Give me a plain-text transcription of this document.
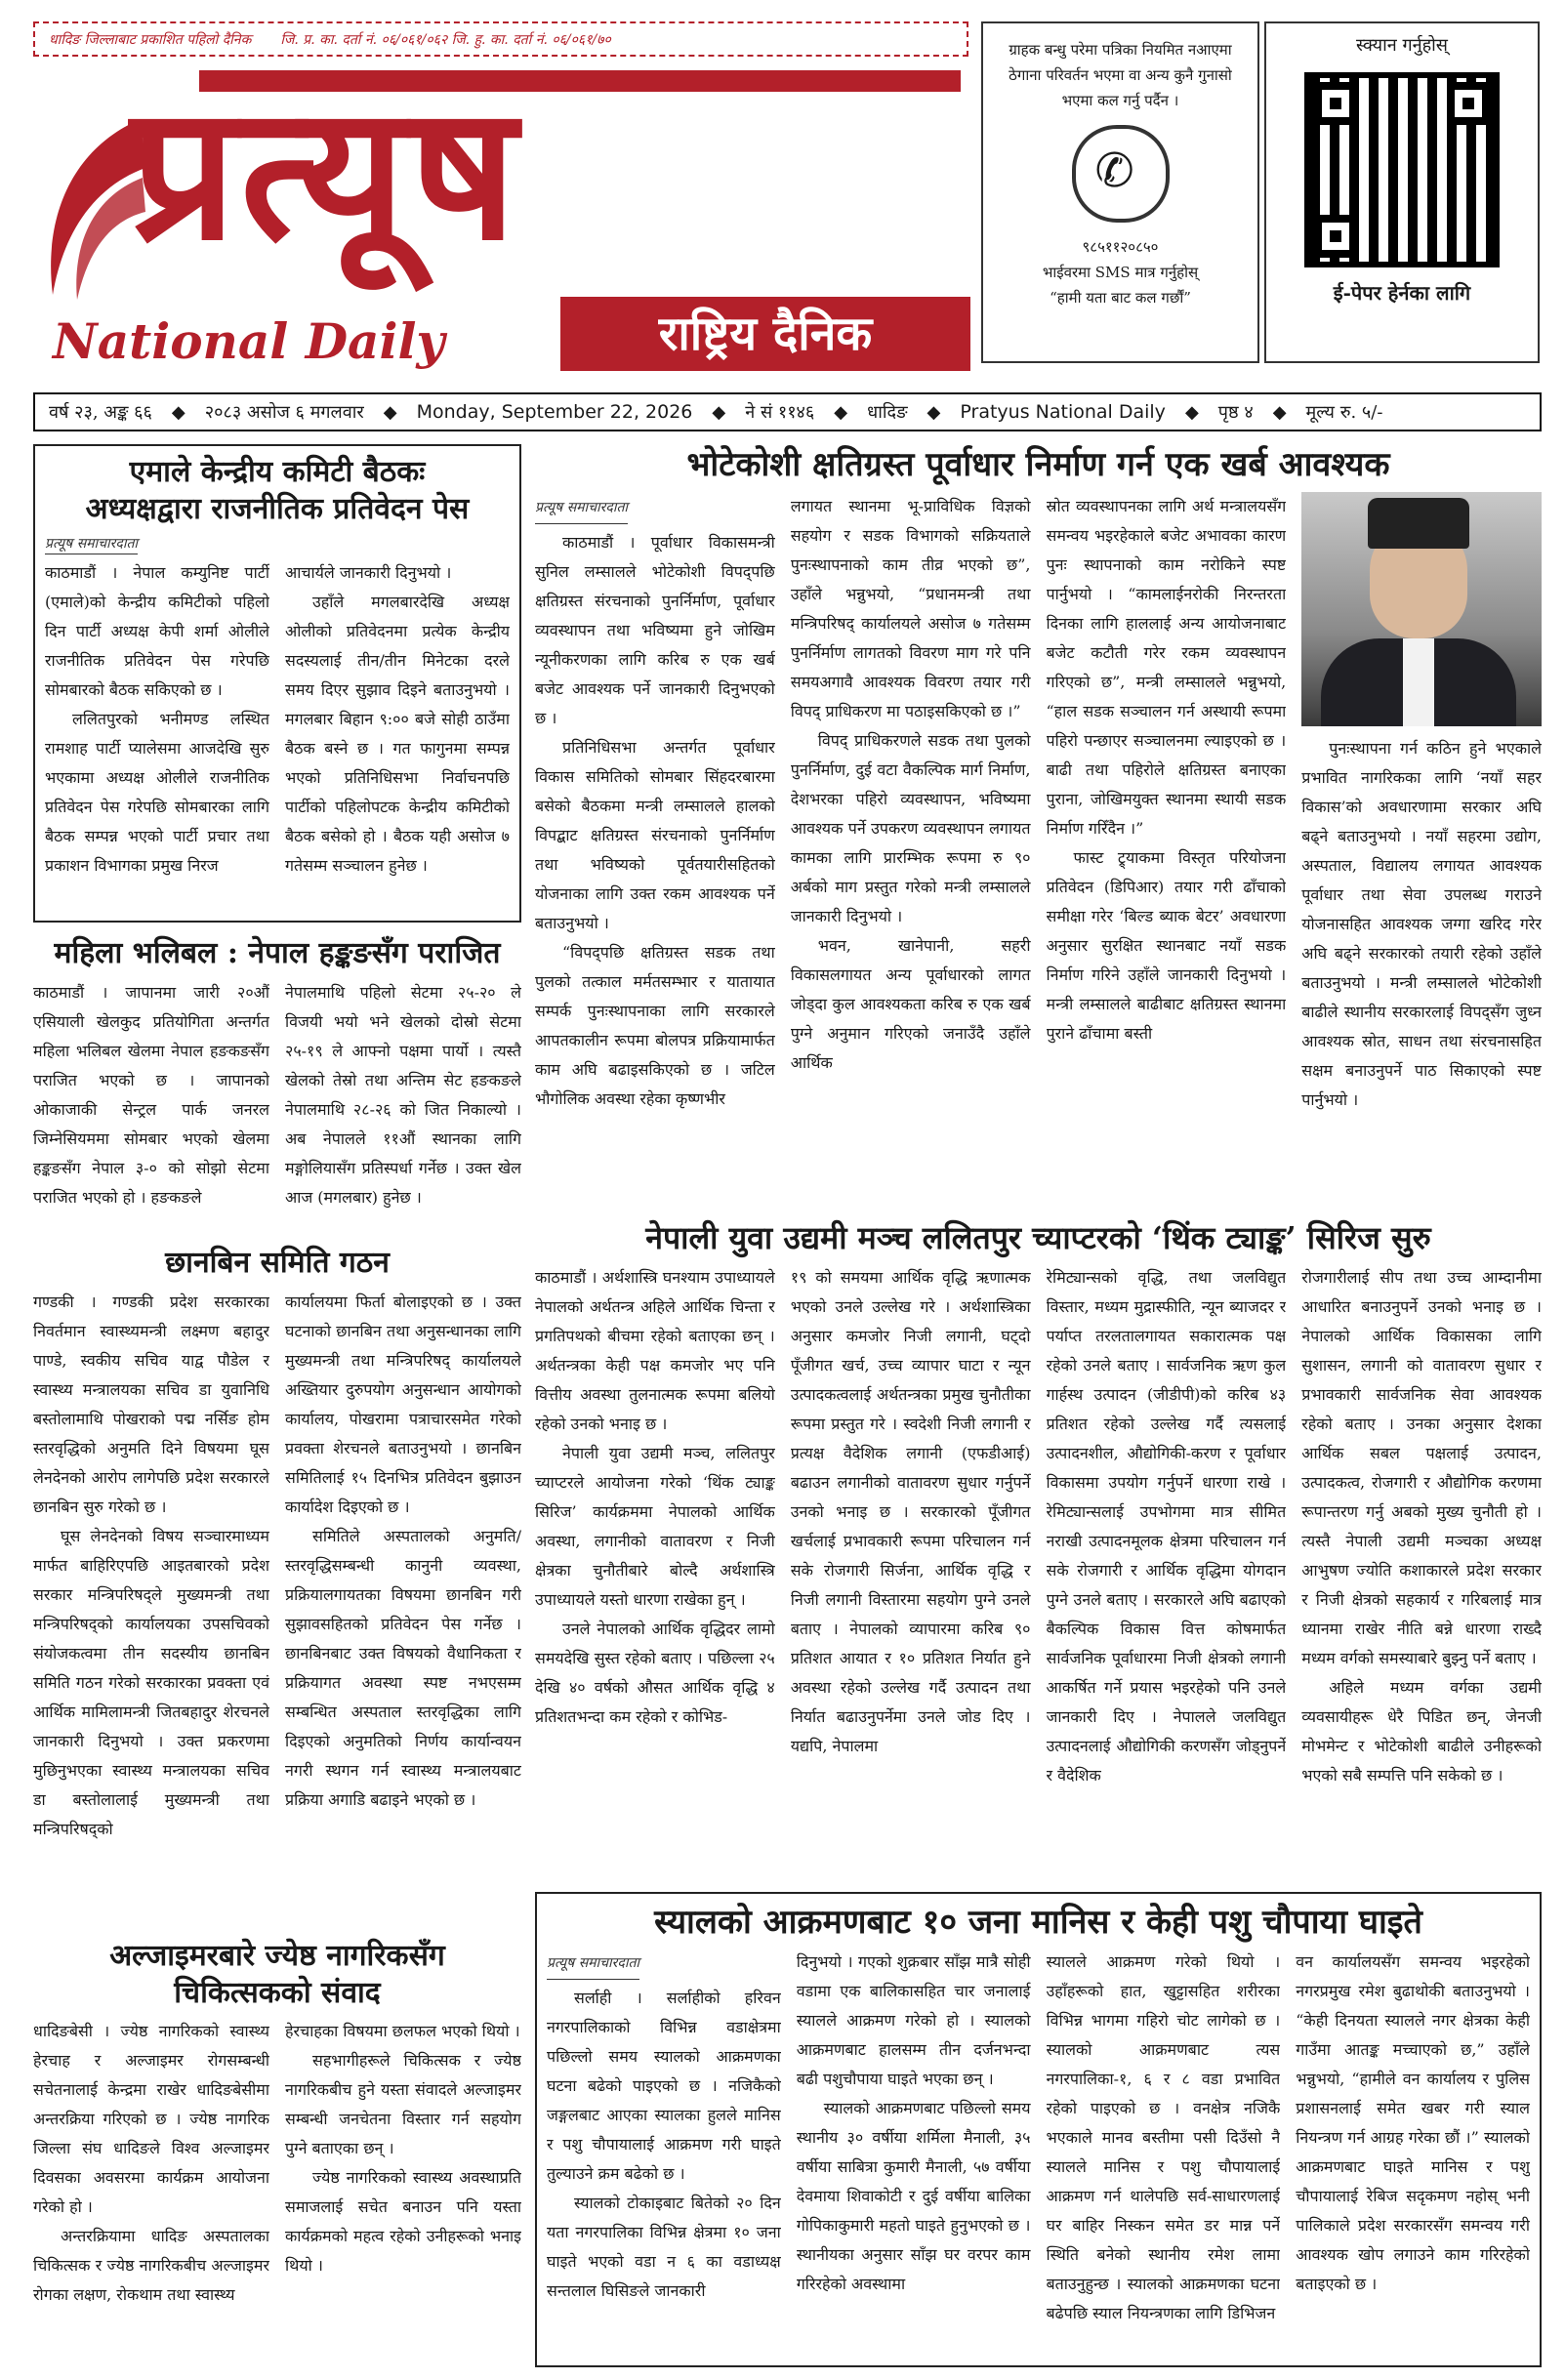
धादिङ जिल्लाबाट प्रकाशित पहिलो दैनिक जि. प्र. का. दर्ता नं. ०६/०६१/०६२ जि. हु. का. दर्ता नं. ०६/०६१/७०
प्रत्यूष
National Daily	राष्ट्रिय दैनिक
ग्राहक बन्धु परेमा पत्रिका नियमित नआएमा ठेगाना परिवर्तन भएमा वा अन्य कुनै गुनासो भएमा कल गर्नु पर्दैन ।
✆
९८५११२०८५०
भाईवरमा SMS मात्र गर्नुहोस्
“हामी यता बाट कल गर्छौं”
स्क्यान गर्नुहोस्
ई-पेपर हेर्नका लागि
वर्ष २३, अङ्क ६६ ◆ २०८३ असोज ६ मगलवार ◆ Monday, September 22, 2026 ◆ ने सं ११४६ ◆ धादिङ ◆ Pratyus National Daily ◆ पृष्ठ ४ ◆ मूल्य रु. ५/-
एमाले केन्द्रीय कमिटी बैठकः
अध्यक्षद्वारा राजनीतिक प्रतिवेदन पेस
प्रत्यूष समाचारदाता

काठमाडौं । नेपाल कम्युनिष्ट पार्टी (एमाले)को केन्द्रीय कमिटीको पहिलो दिन पार्टी अध्यक्ष केपी शर्मा ओलीले राजनीतिक प्रतिवेदन पेस गरेपछि सोमबारको बैठक सकिएको छ ।

ललितपुरको भनीमण्ड लस्थित रामशाह पार्टी प्यालेसमा आजदेखि सुरु भएकामा अध्यक्ष ओलीले राजनीतिक प्रतिवेदन पेस गरेपछि सोमबारका लागि बैठक सम्पन्न भएको पार्टी प्रचार तथा प्रकाशन विभागका प्रमुख निरज

आचार्यले जानकारी दिनुभयो ।

उहाँले मगलबारदेखि अध्यक्ष ओलीको प्रतिवेदनमा प्रत्येक केन्द्रीय सदस्यलाई तीन/तीन मिनेटका दरले समय दिएर सुझाव दिइने बताउनुभयो । मगलबार बिहान ९:०० बजे सोही ठाउँमा बैठक बस्ने छ । गत फागुनमा सम्पन्न भएको प्रतिनिधिसभा निर्वाचनपछि पार्टीको पहिलोपटक केन्द्रीय कमिटीको बैठक बसेको हो । बैठक यही असोज ७ गतेसम्म सञ्चालन हुनेछ ।

महिला भलिबल : नेपाल हङ्कङसँग पराजित

काठमाडौं । जापानमा जारी २०औं एसियाली खेलकुद प्रतियोगिता अन्तर्गत महिला भलिबल खेलमा नेपाल हङकङसँग पराजित भएको छ । जापानको ओकाजाकी सेन्ट्रल पार्क जनरल जिम्नेसियममा सोमबार भएको खेलमा हङ्कङसँग नेपाल ३-० को सोझो सेटमा पराजित भएको हो । हङकङले

नेपालमाथि पहिलो सेटमा २५-२० ले विजयी भयो भने खेलको दोस्रो सेटमा २५-१९ ले आफ्नो पक्षमा पार्यो । त्यस्तै खेलको तेस्रो तथा अन्तिम सेट हङकङले नेपालमाथि २८-२६ को जित निकाल्यो । अब नेपालले ११औं स्थानका लागि मङ्गोलियासँग प्रतिस्पर्धा गर्नेछ । उक्त खेल आज (मगलबार) हुनेछ ।

छानबिन समिति गठन

गण्डकी । गण्डकी प्रदेश सरकारका निवर्तमान स्वास्थ्यमन्त्री लक्ष्मण बहादुर पाण्डे, स्वकीय सचिव याद्व पौडेल र स्वास्थ्य मन्त्रालयका सचिव डा युवानिधि बस्तोलामाथि पोखराको पद्म नर्सिङ होम स्तरवृद्धिको अनुमति दिने विषयमा घूस लेनदेनको आरोप लागेपछि प्रदेश सरकारले छानबिन सुरु गरेको छ ।

घूस लेनदेनको विषय सञ्चारमाध्यम मार्फत बाहिरिएपछि आइतबारको प्रदेश सरकार मन्त्रिपरिषद्ले मुख्यमन्त्री तथा मन्त्रिपरिषद्को कार्यालयका उपसचिवको संयोजकत्वमा तीन सदस्यीय छानबिन समिति गठन गरेको सरकारका प्रवक्ता एवं आर्थिक मामिलामन्त्री जितबहादुर शेरचनले जानकारी दिनुभयो । उक्त प्रकरणमा मुछिनुभएका स्वास्थ्य मन्त्रालयका सचिव डा बस्तोलालाई मुख्यमन्त्री तथा मन्त्रिपरिषद्को

कार्यालयमा फिर्ता बोलाइएको छ । उक्त घटनाको छानबिन तथा अनुसन्धानका लागि मुख्यमन्त्री तथा मन्त्रिपरिषद् कार्यालयले अख्तियार दुरुपयोग अनुसन्धान आयोगको कार्यालय, पोखरामा पत्राचारसमेत गरेको प्रवक्ता शेरचनले बताउनुभयो । छानबिन समितिलाई १५ दिनभित्र प्रतिवेदन बुझाउन कार्यादेश दिइएको छ ।

समितिले अस्पतालको अनुमति/स्तरवृद्धिसम्बन्धी कानुनी व्यवस्था, प्रक्रियालगायतका विषयमा छानबिन गरी सुझावसहितको प्रतिवेदन पेस गर्नेछ । छानबिनबाट उक्त विषयको वैधानिकता र प्रक्रियागत अवस्था स्पष्ट नभएसम्म सम्बन्धित अस्पताल स्तरवृद्धिका लागि दिइएको अनुमतिको निर्णय कार्यान्वयन नगरी स्थगन गर्न स्वास्थ्य मन्त्रालयबाट प्रक्रिया अगाडि बढाइने भएको छ ।

अल्जाइमरबारे ज्येष्ठ नागरिकसँग
चिकित्सकको संवाद

धादिङबेसी । ज्येष्ठ नागरिकको स्वास्थ्य हेरचाह र अल्जाइमर रोगसम्बन्धी सचेतनालाई केन्द्रमा राखेर धादिङबेसीमा अन्तरक्रिया गरिएको छ । ज्येष्ठ नागरिक जिल्ला संघ धादिङले विश्व अल्जाइमर दिवसका अवसरमा कार्यक्रम आयोजना गरेको हो ।

अन्तरक्रियामा धादिङ अस्पतालका चिकित्सक र ज्येष्ठ नागरिकबीच अल्जाइमर रोगका लक्षण, रोकथाम तथा स्वास्थ्य

हेरचाहका विषयमा छलफल भएको थियो ।

सहभागीहरूले चिकित्सक र ज्येष्ठ नागरिकबीच हुने यस्ता संवादले अल्जाइमर सम्बन्धी जनचेतना विस्तार गर्न सहयोग पुग्ने बताएका छन् ।

ज्येष्ठ नागरिकको स्वास्थ्य अवस्थाप्रति समाजलाई सचेत बनाउन पनि यस्ता कार्यक्रमको महत्व रहेको उनीहरूको भनाइ थियो ।

भोटेकोशी क्षतिग्रस्त पूर्वाधार निर्माण गर्न एक खर्ब आवश्यक
प्रत्यूष समाचारदाता

काठमाडौं । पूर्वाधार विकासमन्त्री सुनिल लम्सालले भोटेकोशी विपद्पछि क्षतिग्रस्त संरचनाको पुनर्निर्माण, पूर्वाधार व्यवस्थापन तथा भविष्यमा हुने जोखिम न्यूनीकरणका लागि करिब रु एक खर्ब बजेट आवश्यक पर्ने जानकारी दिनुभएको छ ।

प्रतिनिधिसभा अन्तर्गत पूर्वाधार विकास समितिको सोमबार सिंहदरबारमा बसेको बैठकमा मन्त्री लम्सालले हालको विपद्बाट क्षतिग्रस्त संरचनाको पुनर्निर्माण तथा भविष्यको पूर्वतयारीसहितको योजनाका लागि उक्त रकम आवश्यक पर्ने बताउनुभयो ।

“विपद्पछि क्षतिग्रस्त सडक तथा पुलको तत्काल मर्मतसम्भार र यातायात सम्पर्क पुनःस्थापनाका लागि सरकारले आपतकालीन रूपमा बोलपत्र प्रक्रियामार्फत काम अघि बढाइसकिएको छ । जटिल भौगोलिक अवस्था रहेका कृष्णभीर

लगायत स्थानमा भू-प्राविधिक विज्ञको सहयोग र सडक विभागको सक्रियताले पुनःस्थापनाको काम तीव्र भएको छ”, उहाँले भन्नुभयो, “प्रधानमन्त्री तथा मन्त्रिपरिषद् कार्यालयले असोज ७ गतेसम्म पुनर्निर्माण लागतको विवरण माग गरे पनि समयअगावै आवश्यक विवरण तयार गरी विपद् प्राधिकरण मा पठाइसकिएको छ ।”

विपद् प्राधिकरणले सडक तथा पुलको पुनर्निर्माण, दुई वटा वैकल्पिक मार्ग निर्माण, देशभरका पहिरो व्यवस्थापन, भविष्यमा आवश्यक पर्ने उपकरण व्यवस्थापन लगायत कामका लागि प्रारम्भिक रूपमा रु ९० अर्बको माग प्रस्तुत गरेको मन्त्री लम्सालले जानकारी दिनुभयो ।

भवन, खानेपानी, सहरी विकासलगायत अन्य पूर्वाधारको लागत जोड्दा कुल आवश्यकता करिब रु एक खर्ब पुग्ने अनुमान गरिएको जनाउँदै उहाँले आर्थिक

स्रोत व्यवस्थापनका लागि अर्थ मन्त्रालयसँग समन्वय भइरहेकाले बजेट अभावका कारण पुनः स्थापनाको काम नरोकिने स्पष्ट पार्नुभयो । “कामलाईनरोकी निरन्तरता दिनका लागि हाललाई अन्य आयोजनाबाट बजेट कटौती गरेर रकम व्यवस्थापन गरिएको छ”, मन्त्री लम्सालले भन्नुभयो, “हाल सडक सञ्चालन गर्न अस्थायी रूपमा पहिरो पन्छाएर सञ्चालनमा ल्याइएको छ । बाढी तथा पहिरोले क्षतिग्रस्त बनाएका पुराना, जोखिमयुक्त स्थानमा स्थायी सडक निर्माण गरिँदैन ।”

फास्ट ट्र्याकमा विस्तृत परियोजना प्रतिवेदन (डिपिआर) तयार गरी ढाँचाको समीक्षा गरेर ‘बिल्ड ब्याक बेटर’ अवधारणा अनुसार सुरक्षित स्थानबाट नयाँ सडक निर्माण गरिने उहाँले जानकारी दिनुभयो । मन्त्री लम्सालले बाढीबाट क्षतिग्रस्त स्थानमा पुराने ढाँचामा बस्ती

पुनःस्थापना गर्न कठिन हुने भएकाले प्रभावित नागरिकका लागि ‘नयाँ सहर विकास’को अवधारणामा सरकार अघि बढ्ने बताउनुभयो । नयाँ सहरमा उद्योग, अस्पताल, विद्यालय लगायत आवश्यक पूर्वाधार तथा सेवा उपलब्ध गराउने योजनासहित आवश्यक जग्गा खरिद गरेर अघि बढ्ने सरकारको तयारी रहेको उहाँले बताउनुभयो । मन्त्री लम्सालले भोटेकोशी बाढीले स्थानीय सरकारलाई विपद्सँग जुध्न आवश्यक स्रोत, साधन तथा संरचनासहित सक्षम बनाउनुपर्ने पाठ सिकाएको स्पष्ट पार्नुभयो ।

नेपाली युवा उद्यमी मञ्च ललितपुर च्याप्टरको ‘थिंक ट्याङ्क’ सिरिज सुरु

काठमाडौं । अर्थशास्त्रि घनश्याम उपाध्यायले नेपालको अर्थतन्त्र अहिले आर्थिक चिन्ता र प्रगतिपथको बीचमा रहेको बताएका छन् । अर्थतन्त्रका केही पक्ष कमजोर भए पनि वित्तीय अवस्था तुलनात्मक रूपमा बलियो रहेको उनको भनाइ छ ।

नेपाली युवा उद्यमी मञ्च, ललितपुर च्याप्टरले आयोजना गरेको ‘थिंक ट्याङ्क सिरिज’ कार्यक्रममा नेपालको आर्थिक अवस्था, लगानीको वातावरण र निजी क्षेत्रका चुनौतीबारे बोल्दै अर्थशास्त्रि उपाध्यायले यस्तो धारणा राखेका हुन् ।

उनले नेपालको आर्थिक वृद्धिदर लामो समयदेखि सुस्त रहेको बताए । पछिल्ला २५ देखि ४० वर्षको औसत आर्थिक वृद्धि ४ प्रतिशतभन्दा कम रहेको र कोभिड-

१९ को समयमा आर्थिक वृद्धि ऋणात्मक भएको उनले उल्लेख गरे । अर्थशास्त्रिका अनुसार कमजोर निजी लगानी, घट्दो पूँजीगत खर्च, उच्च व्यापार घाटा र न्यून उत्पादकत्वलाई अर्थतन्त्रका प्रमुख चुनौतीका रूपमा प्रस्तुत गरे । स्वदेशी निजी लगानी र प्रत्यक्ष वैदेशिक लगानी (एफडीआई) बढाउन लगानीको वातावरण सुधार गर्नुपर्ने उनको भनाइ छ । सरकारको पूँजीगत खर्चलाई प्रभावकारी रूपमा परिचालन गर्न सके रोजगारी सिर्जना, आर्थिक वृद्धि र निजी लगानी विस्तारमा सहयोग पुग्ने उनले बताए । नेपालको व्यापारमा करिब ९० प्रतिशत आयात र १० प्रतिशत निर्यात हुने अवस्था रहेको उल्लेख गर्दै उत्पादन तथा निर्यात बढाउनुपर्नेमा उनले जोड दिए । यद्यपि, नेपालमा

रेमिट्यान्सको वृद्धि, तथा जलविद्युत विस्तार, मध्यम मुद्रास्फीति, न्यून ब्याजदर र पर्याप्त तरलतालगायत सकारात्मक पक्ष रहेको उनले बताए । सार्वजनिक ऋण कुल गार्हस्थ उत्पादन (जीडीपी)को करिब ४३ प्रतिशत रहेको उल्लेख गर्दै त्यसलाई उत्पादनशील, औद्योगिकी-करण र पूर्वाधार विकासमा उपयोग गर्नुपर्ने धारणा राखे । रेमिट्यान्सलाई उपभोगमा मात्र सीमित नराखी उत्पादनमूलक क्षेत्रमा परिचालन गर्न सके रोजगारी र आर्थिक वृद्धिमा योगदान पुग्ने उनले बताए । सरकारले अघि बढाएको बैकल्पिक विकास वित्त कोषमार्फत सार्वजनिक पूर्वाधारमा निजी क्षेत्रको लगानी आकर्षित गर्ने प्रयास भइरहेको पनि उनले जानकारी दिए । नेपालले जलविद्युत उत्पादनलाई औद्योगिकी करणसँग जोड्नुपर्ने र वैदेशिक

रोजगारीलाई सीप तथा उच्च आम्दानीमा आधारित बनाउनुपर्ने उनको भनाइ छ । नेपालको आर्थिक विकासका लागि सुशासन, लगानी को वातावरण सुधार र प्रभावकारी सार्वजनिक सेवा आवश्यक रहेको बताए । उनका अनुसार देशका आर्थिक सबल पक्षलाई उत्पादन, उत्पादकत्व, रोजगारी र औद्योगिक करणमा रूपान्तरण गर्नु अबको मुख्य चुनौती हो । त्यस्तै नेपाली उद्यमी मञ्चका अध्यक्ष आभुषण ज्योति कशाकारले प्रदेश सरकार र निजी क्षेत्रको सहकार्य र गरिबलाई मात्र ध्यानमा राखेर नीति बन्ने धारणा राख्दै मध्यम वर्गको समस्याबारे बुझ्नु पर्ने बताए ।

अहिले मध्यम वर्गका उद्यमी व्यवसायीहरू धेरै पिडित छन्, जेनजी मोभमेन्ट र भोटेकोशी बाढीले उनीहरूको भएको सबै सम्पत्ति पनि सकेको छ ।

स्यालको आक्रमणबाट १० जना मानिस र केही पशु चौपाया घाइते
प्रत्यूष समाचारदाता

सर्लाही । सर्लाहीको हरिवन नगरपालिकाको विभिन्न वडाक्षेत्रमा पछिल्लो समय स्यालको आक्रमणका घटना बढेको पाइएको छ । नजिकैको जङ्गलबाट आएका स्यालका हुलले मानिस र पशु चौपायालाई आक्रमण गरी घाइते तुल्याउने क्रम बढेको छ ।

स्यालको टोकाइबाट बितेको २० दिन यता नगरपालिका विभिन्न क्षेत्रमा १० जना घाइते भएको वडा न ६ का वडाध्यक्ष सन्तलाल घिसिङले जानकारी

दिनुभयो । गएको शुक्रबार साँझ मात्रै सोही वडामा एक बालिकासहित चार जनालाई स्यालले आक्रमण गरेको हो । स्यालको आक्रमणबाट हालसम्म तीन दर्जनभन्दा बढी पशुचौपाया घाइते भएका छन् ।

स्यालको आक्रमणबाट पछिल्लो समय स्थानीय ३० वर्षीया शर्मिला मैनाली, ३५ वर्षीया साबित्रा कुमारी मैनाली, ५७ वर्षीया देवमाया शिवाकोटी र दुई वर्षीया बालिका गोपिकाकुमारी महतो घाइते हुनुभएको छ । स्थानीयका अनुसार साँझ घर वरपर काम गरिरहेको अवस्थामा

स्यालले आक्रमण गरेको थियो । उहाँहरूको हात, खुट्टासहित शरीरका विभिन्न भागमा गहिरो चोट लागेको छ । स्यालको आक्रमणबाट त्यस नगरपालिका-१, ६ र ८ वडा प्रभावित रहेको पाइएको छ । वनक्षेत्र नजिकै भएकाले मानव बस्तीमा पसी दिउँसो नै स्यालले मानिस र पशु चौपायालाई आक्रमण गर्न थालेपछि सर्व-साधारणलाई घर बाहिर निस्कन समेत डर मान्न पर्ने स्थिति बनेको स्थानीय रमेश लामा बताउनुहुन्छ । स्यालको आक्रमणका घटना बढेपछि स्याल नियन्त्रणका लागि डिभिजन

वन कार्यालयसँग समन्वय भइरहेको नगरप्रमुख रमेश बुढाथोकी बताउनुभयो । “केही दिनयता स्यालले नगर क्षेत्रका केही गाउँमा आतङ्क मच्चाएको छ,” उहाँले भन्नुभयो, “हामीले वन कार्यालय र पुलिस प्रशासनलाई समेत खबर गरी स्याल नियन्त्रण गर्न आग्रह गरेका छौं ।” स्यालको आक्रमणबाट घाइते मानिस र पशु चौपायालाई रेबिज सदृकमण नहोस् भनी पालिकाले प्रदेश सरकारसँग समन्वय गरी आवश्यक खोप लगाउने काम गरिरहेको बताइएको छ ।
